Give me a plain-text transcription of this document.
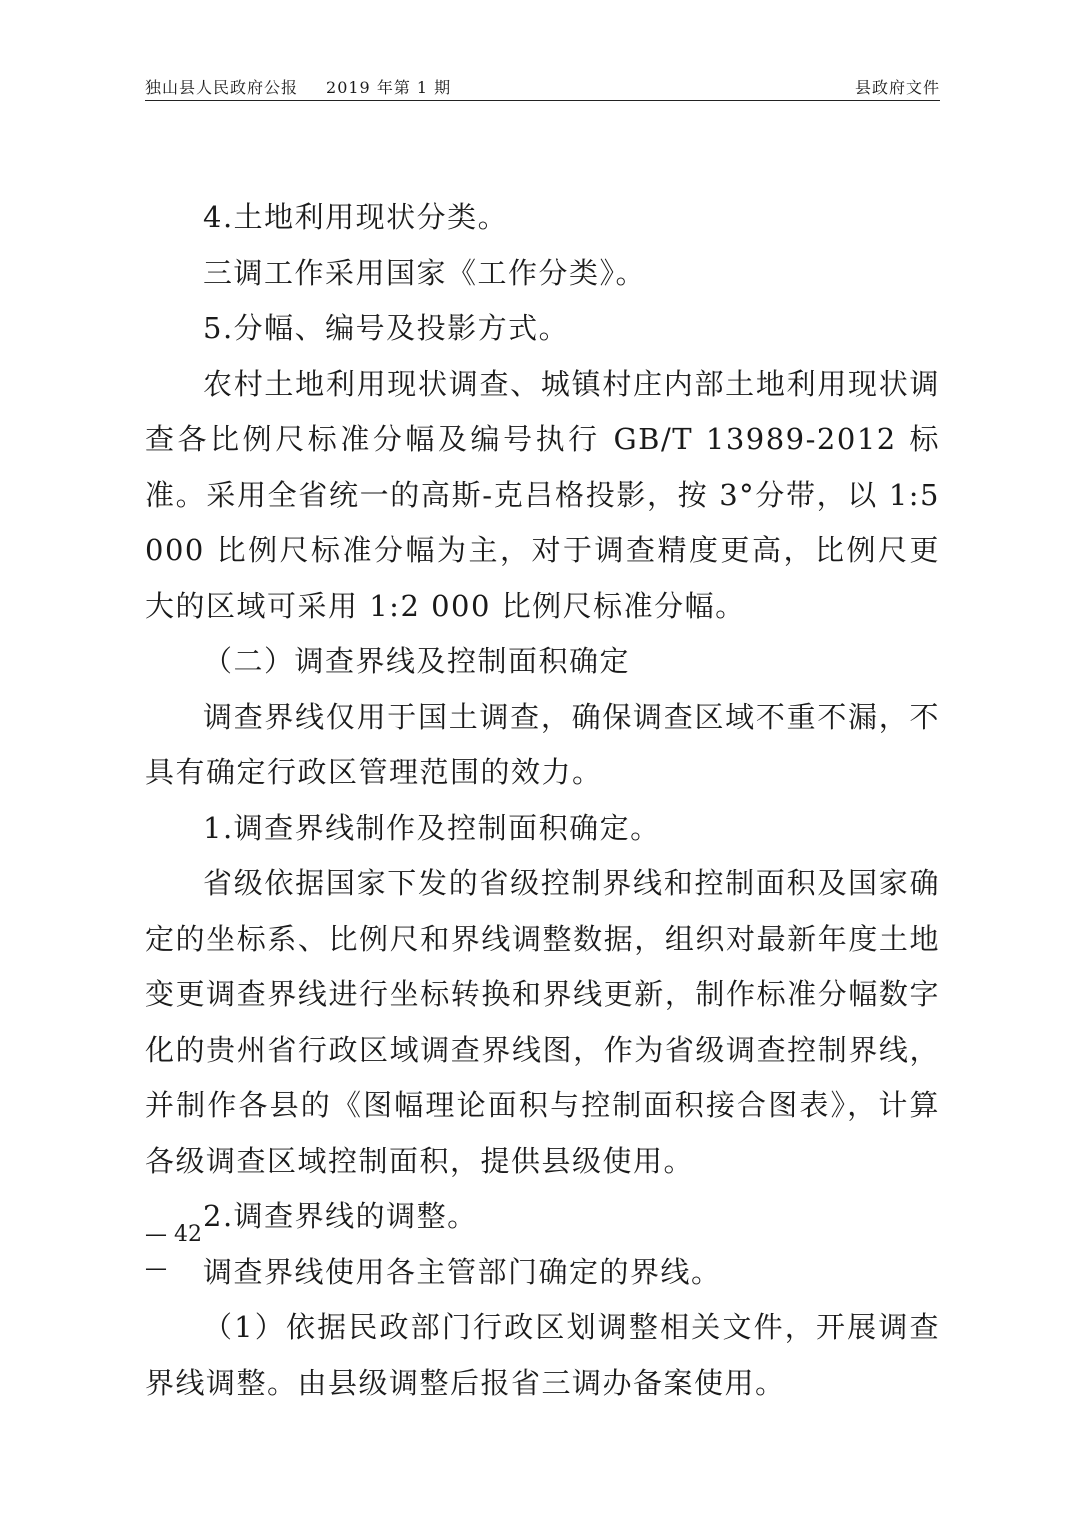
独山县人民政府公报 2019 年第 1 期	县政府文件

4.土地利用现状分类。

三调工作采用国家《工作分类》。

5.分幅、编号及投影方式。

农村土地利用现状调查、城镇村庄内部土地利用现状调查各比例尺标准分幅及编号执行 GB/T 13989-2012 标准。采用全省统一的高斯-克吕格投影，按 3°分带，以 1:5 000 比例尺标准分幅为主，对于调查精度更高，比例尺更大的区域可采用 1:2 000 比例尺标准分幅。

（二）调查界线及控制面积确定

调查界线仅用于国土调查，确保调查区域不重不漏，不具有确定行政区管理范围的效力。

1.调查界线制作及控制面积确定。

省级依据国家下发的省级控制界线和控制面积及国家确定的坐标系、比例尺和界线调整数据，组织对最新年度土地变更调查界线进行坐标转换和界线更新，制作标准分幅数字化的贵州省行政区域调查界线图，作为省级调查控制界线，并制作各县的《图幅理论面积与控制面积接合图表》，计算各级调查区域控制面积，提供县级使用。

2.调查界线的调整。

调查界线使用各主管部门确定的界线。

（1）依据民政部门行政区划调整相关文件，开展调查界线调整。由县级调整后报省三调办备案使用。

— 42
—
